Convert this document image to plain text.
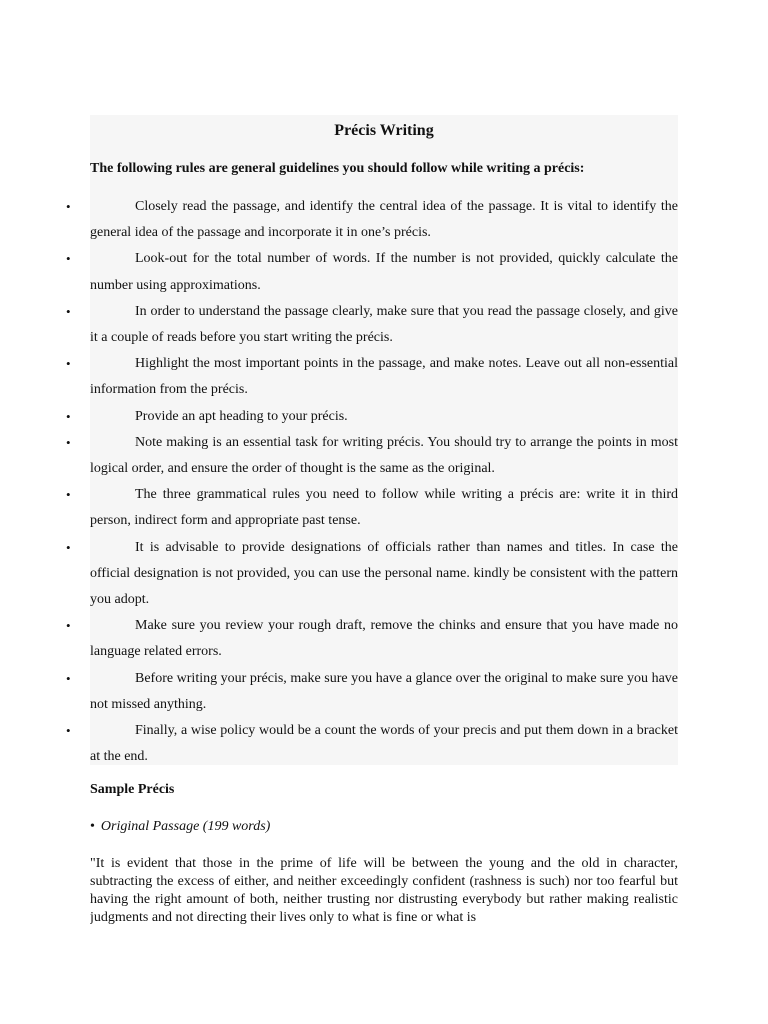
Précis Writing
The following rules are general guidelines you should follow while writing a précis:
•	Closely read the passage, and identify the central idea of the passage. It is vital to identify the general idea of the passage and incorporate it in one’s précis.
•	Look-out for the total number of words. If the number is not provided, quickly calculate the number using approximations.
•	In order to understand the passage clearly, make sure that you read the passage closely, and give it a couple of reads before you start writing the précis.
•	Highlight the most important points in the passage, and make notes. Leave out all non-essential information from the précis.
•	Provide an apt heading to your précis.
•	Note making is an essential task for writing précis. You should try to arrange the points in most logical order, and ensure the order of thought is the same as the original.
•	The three grammatical rules you need to follow while writing a précis are: write it in third person, indirect form and appropriate past tense.
•	It is advisable to provide designations of officials rather than names and titles. In case the official designation is not provided, you can use the personal name. kindly be consistent with the pattern you adopt.
•	Make sure you review your rough draft, remove the chinks and ensure that you have made no language related errors.
•	Before writing your précis, make sure you have a glance over the original to make sure you have not missed anything.
•	Finally, a wise policy would be a count the words of your precis and put them down in a bracket at the end.
Sample Précis
• Original Passage (199 words)
"It is evident that those in the prime of life will be between the young and the old in character, subtracting the excess of either, and neither exceedingly confident (rashness is such) nor too fearful but having the right amount of both, neither trusting nor distrusting everybody but rather making realistic judgments and not directing their lives only to what is fine or what is
